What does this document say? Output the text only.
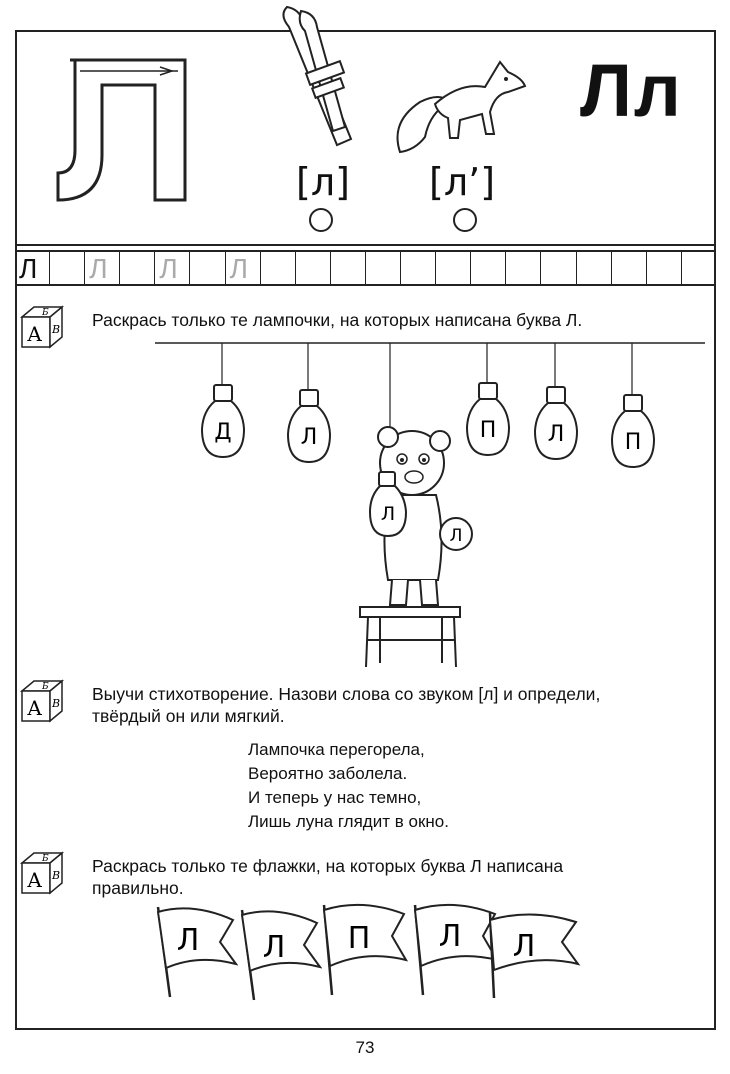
[л] [л’]
Лл
Л Л Л Л
Б
А В Раскрась только те лампочки, на которых написана буква Л.
Д	Л	П Л	П
Л
Л
Б
А В Выучи стихотворение. Назови слова со звуком [л] и определи,
твёрдый он или мягкий.
Лампочка перегорела,
Вероятно заболела.
И теперь у нас темно,
Лишь луна глядит в окно.
Б
А В Раскрась только те флажки, на которых буква Л написана
правильно.
Л Л П Л Л
73
